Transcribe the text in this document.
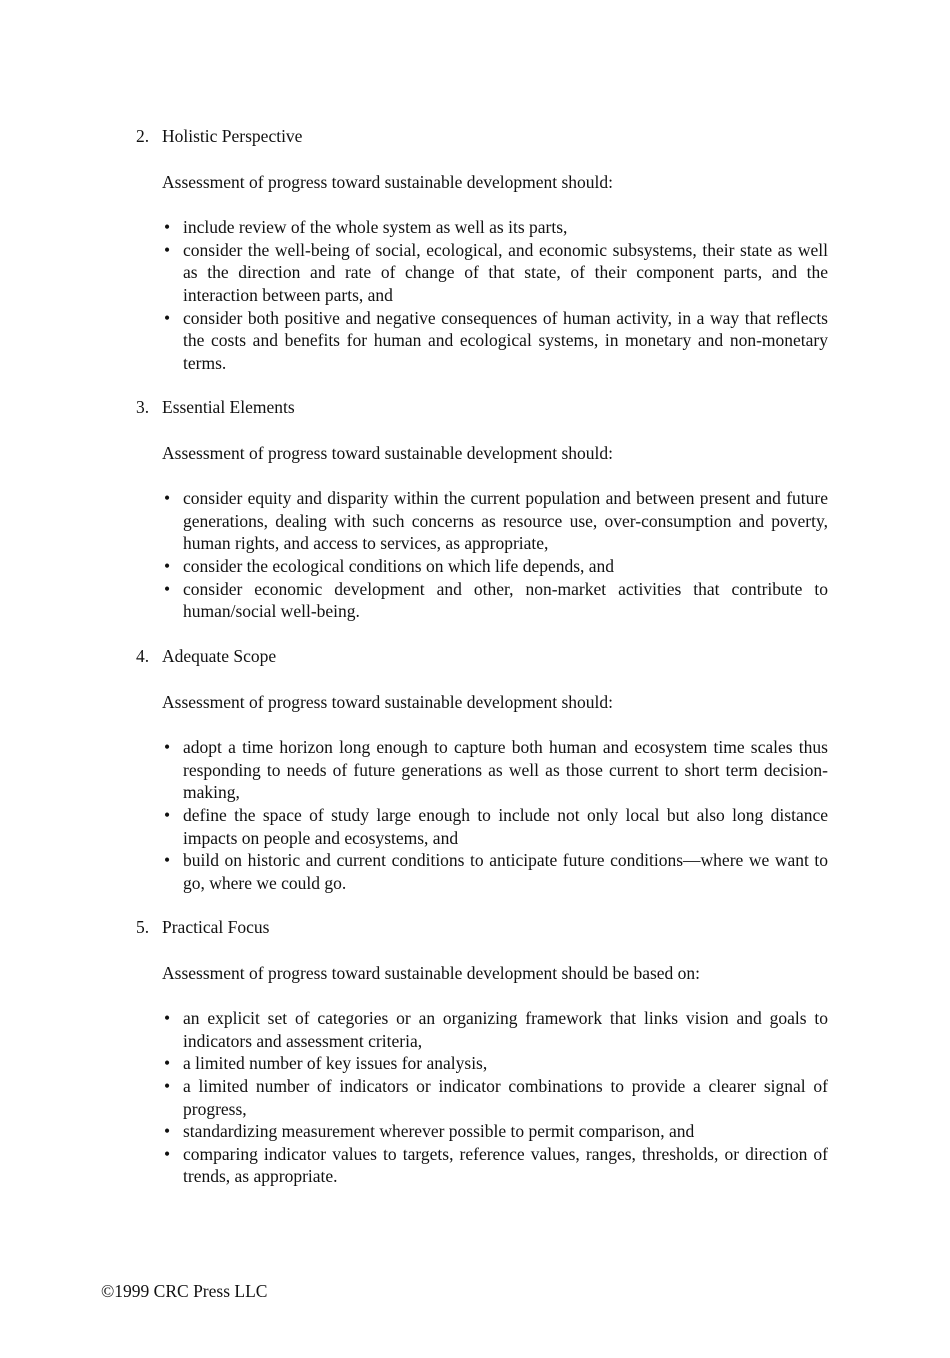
2. Holistic Perspective
Assessment of progress toward sustainable development should:
• include review of the whole system as well as its parts,
• consider the well-being of social, ecological, and economic subsystems, their state as well as the direction and rate of change of that state, of their component parts, and the interaction between parts, and
• consider both positive and negative consequences of human activity, in a way that reflects the costs and benefits for human and ecological systems, in monetary and non-monetary terms.
3. Essential Elements
Assessment of progress toward sustainable development should:
• consider equity and disparity within the current population and between present and future generations, dealing with such concerns as resource use, over-consumption and poverty, human rights, and access to services, as appropriate,
• consider the ecological conditions on which life depends, and
• consider economic development and other, non-market activities that contribute to human/social well-being.
4. Adequate Scope
Assessment of progress toward sustainable development should:
• adopt a time horizon long enough to capture both human and ecosystem time scales thus responding to needs of future generations as well as those current to short term decision-making,
• define the space of study large enough to include not only local but also long distance impacts on people and ecosystems, and
• build on historic and current conditions to anticipate future conditions—where we want to go, where we could go.
5. Practical Focus
Assessment of progress toward sustainable development should be based on:
• an explicit set of categories or an organizing framework that links vision and goals to indicators and assessment criteria,
• a limited number of key issues for analysis,
• a limited number of indicators or indicator combinations to provide a clearer signal of progress,
• standardizing measurement wherever possible to permit comparison, and
• comparing indicator values to targets, reference values, ranges, thresholds, or direction of trends, as appropriate.
©1999 CRC Press LLC
